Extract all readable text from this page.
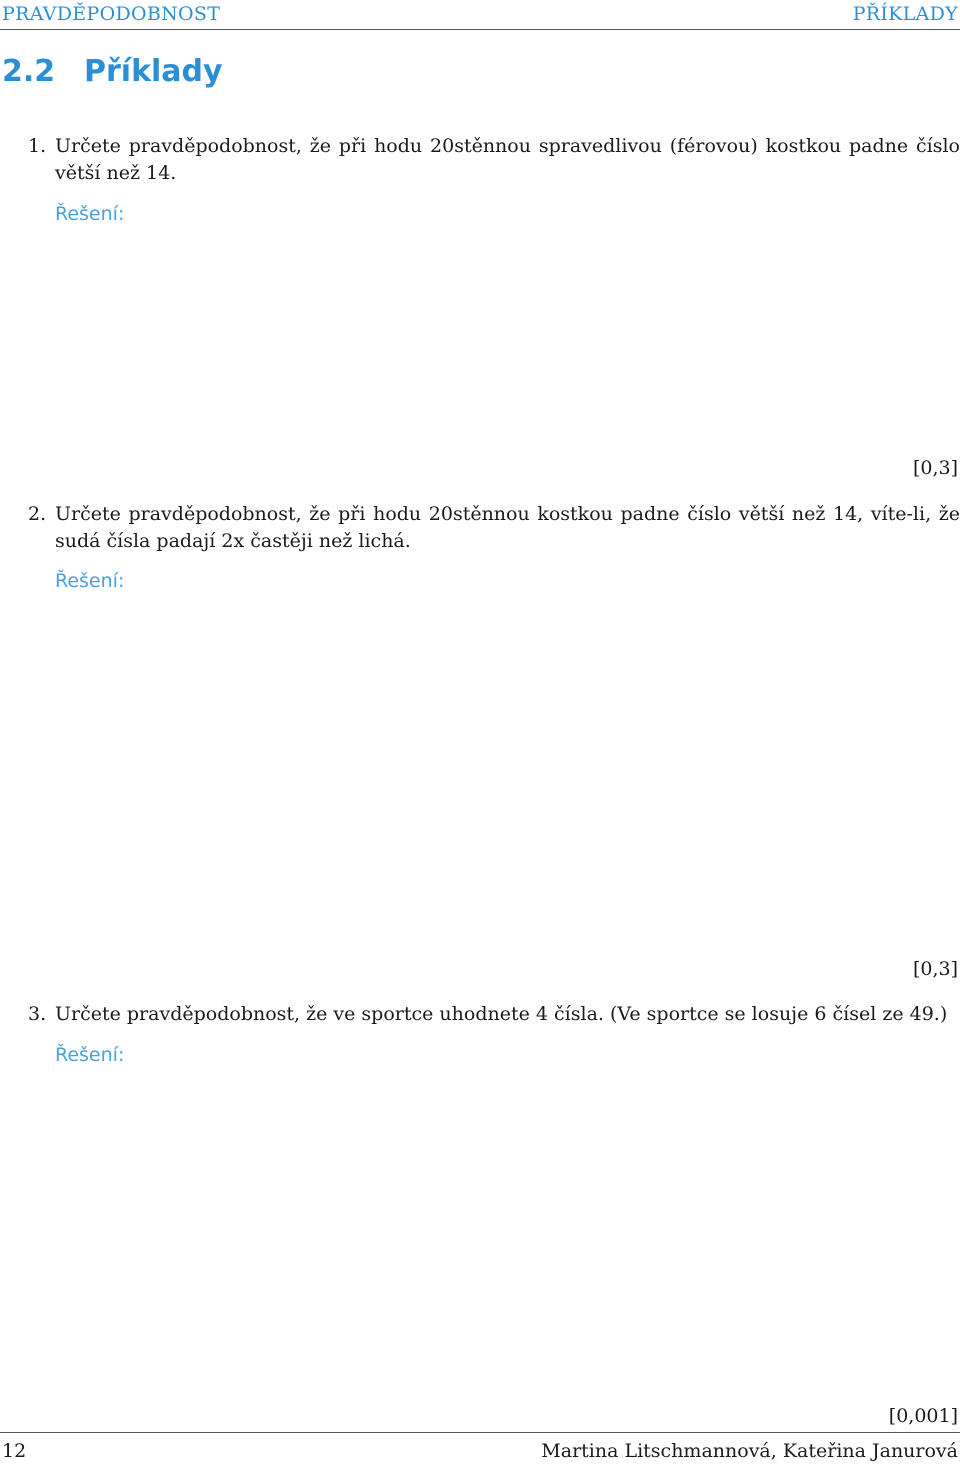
PRAVDĚPODOBNOST	PŘÍKLADY
2.2 Příklady
1. Určete pravděpodobnost, že při hodu 20stěnnou spravedlivou (férovou) kostkou padne číslo větší než 14.
Řešení:
[0,3]
2. Určete pravděpodobnost, že při hodu 20stěnnou kostkou padne číslo větší než 14, víte-li, že sudá čísla padají 2x častěji než lichá.
Řešení:
[0,3]
3. Určete pravděpodobnost, že ve sportce uhodnete 4 čísla. (Ve sportce se losuje 6 čísel ze 49.)
Řešení:
[0,001]
12	Martina Litschmannová, Kateřina Janurová
